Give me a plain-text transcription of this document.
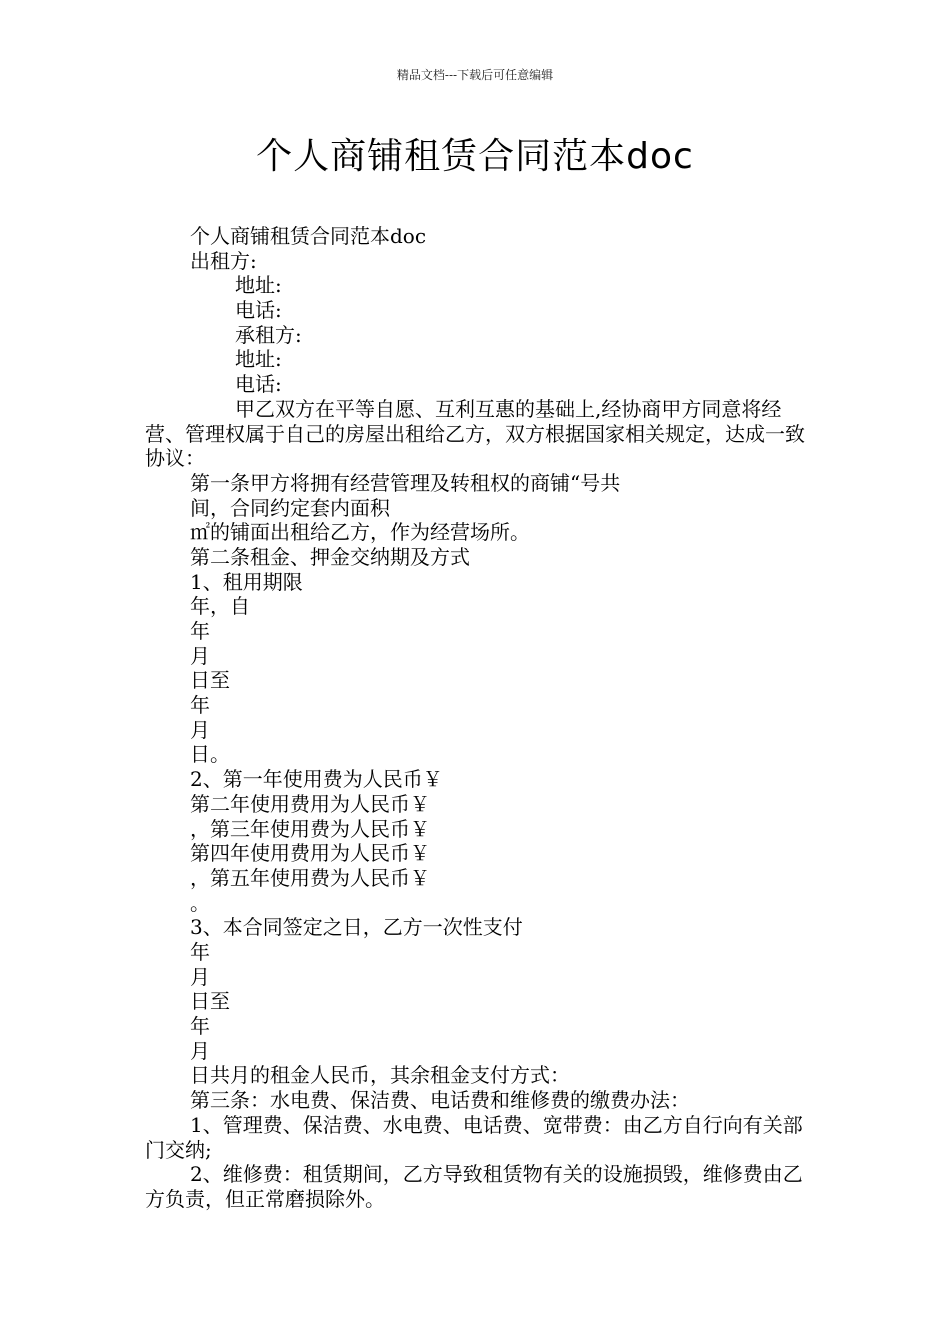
精品文档---下载后可任意编辑
个人商铺租赁合同范本doc
个人商铺租赁合同范本doc
出租方:
地址:
电话:
承租方:
地址:
电话:
甲乙双方在平等自愿、互利互惠的基础上,经协商甲方同意将经营、管理权属于自己的房屋出租给乙方，双方根据国家相关规定，达成一致协议：
第一条甲方将拥有经营管理及转租权的商铺“号共
间，合同约定套内面积
㎡的铺面出租给乙方，作为经营场所。
第二条租金、押金交纳期及方式
1、租用期限
年，自
年
月
日至
年
月
日。
2、第一年使用费为人民币￥
第二年使用费用为人民币￥
，第三年使用费为人民币￥
第四年使用费用为人民币￥
，第五年使用费为人民币￥
。
3、本合同签定之日，乙方一次性支付
年
月
日至
年
月
日共月的租金人民币，其余租金支付方式：
第三条：水电费、保洁费、电话费和维修费的缴费办法：
1、管理费、保洁费、水电费、电话费、宽带费：由乙方自行向有关部门交纳;
2、维修费：租赁期间，乙方导致租赁物有关的设施损毁，维修费由乙方负责，但正常磨损除外。
